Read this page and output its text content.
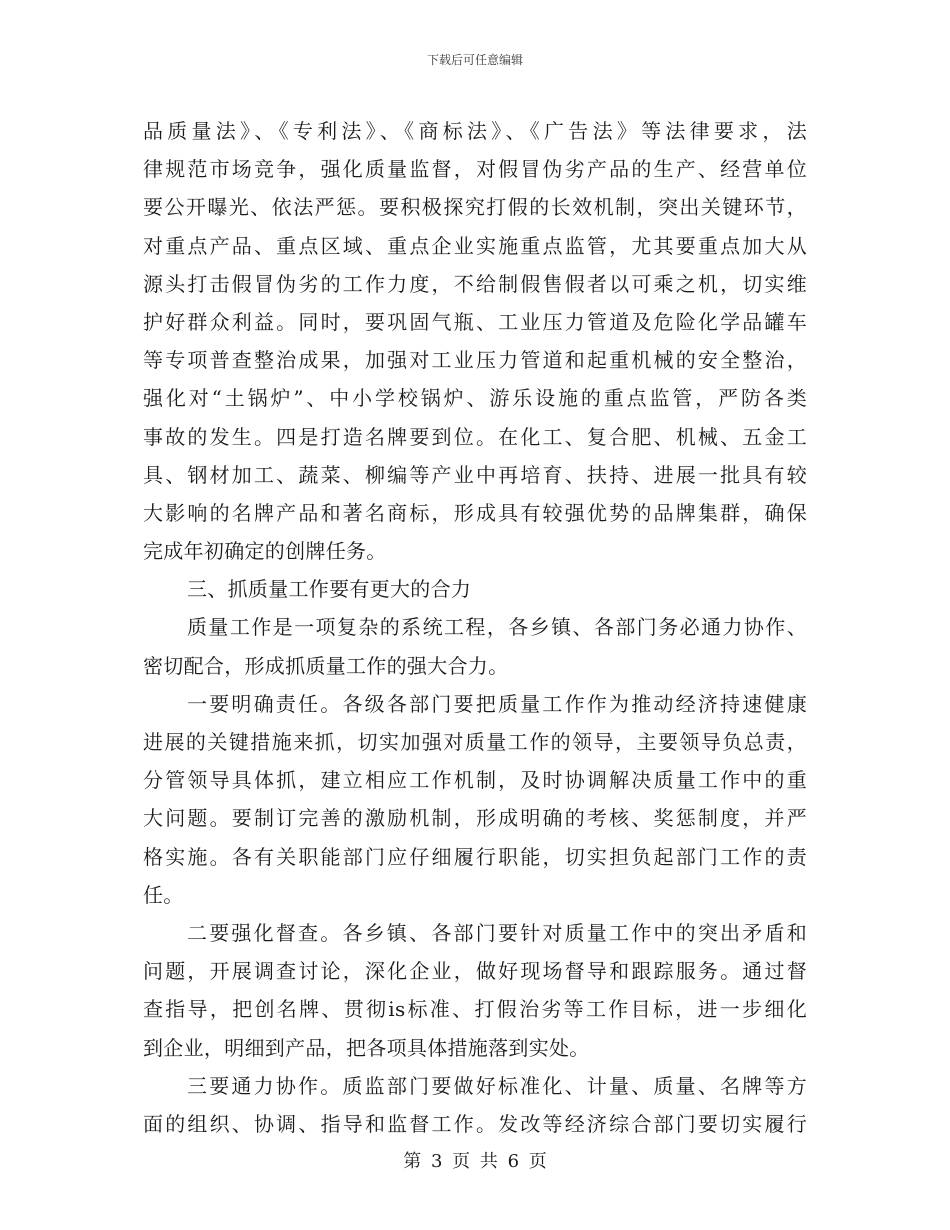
下载后可任意编辑
品质量法》、《专利法》、《商标法》、《广告法》等法律要求，法
律规范市场竞争，强化质量监督，对假冒伪劣产品的生产、经营单位
要公开曝光、依法严惩。要积极探究打假的长效机制，突出关键环节，
对重点产品、重点区域、重点企业实施重点监管，尤其要重点加大从
源头打击假冒伪劣的工作力度，不给制假售假者以可乘之机，切实维
护好群众利益。同时，要巩固气瓶、工业压力管道及危险化学品罐车
等专项普查整治成果，加强对工业压力管道和起重机械的安全整治，
强化对“土锅炉”、中小学校锅炉、游乐设施的重点监管，严防各类
事故的发生。四是打造名牌要到位。在化工、复合肥、机械、五金工
具、钢材加工、蔬菜、柳编等产业中再培育、扶持、进展一批具有较
大影响的名牌产品和著名商标，形成具有较强优势的品牌集群，确保
完成年初确定的创牌任务。
三、抓质量工作要有更大的合力
质量工作是一项复杂的系统工程，各乡镇、各部门务必通力协作、
密切配合，形成抓质量工作的强大合力。
一要明确责任。各级各部门要把质量工作作为推动经济持速健康
进展的关键措施来抓，切实加强对质量工作的领导，主要领导负总责，
分管领导具体抓，建立相应工作机制，及时协调解决质量工作中的重
大问题。要制订完善的激励机制，形成明确的考核、奖惩制度，并严
格实施。各有关职能部门应仔细履行职能，切实担负起部门工作的责
任。
二要强化督查。各乡镇、各部门要针对质量工作中的突出矛盾和
问题，开展调查讨论，深化企业，做好现场督导和跟踪服务。通过督
查指导，把创名牌、贯彻is标准、打假治劣等工作目标，进一步细化
到企业，明细到产品，把各项具体措施落到实处。
三要通力协作。质监部门要做好标准化、计量、质量、名牌等方
面的组织、协调、指导和监督工作。发改等经济综合部门要切实履行
第 3 页 共 6 页
